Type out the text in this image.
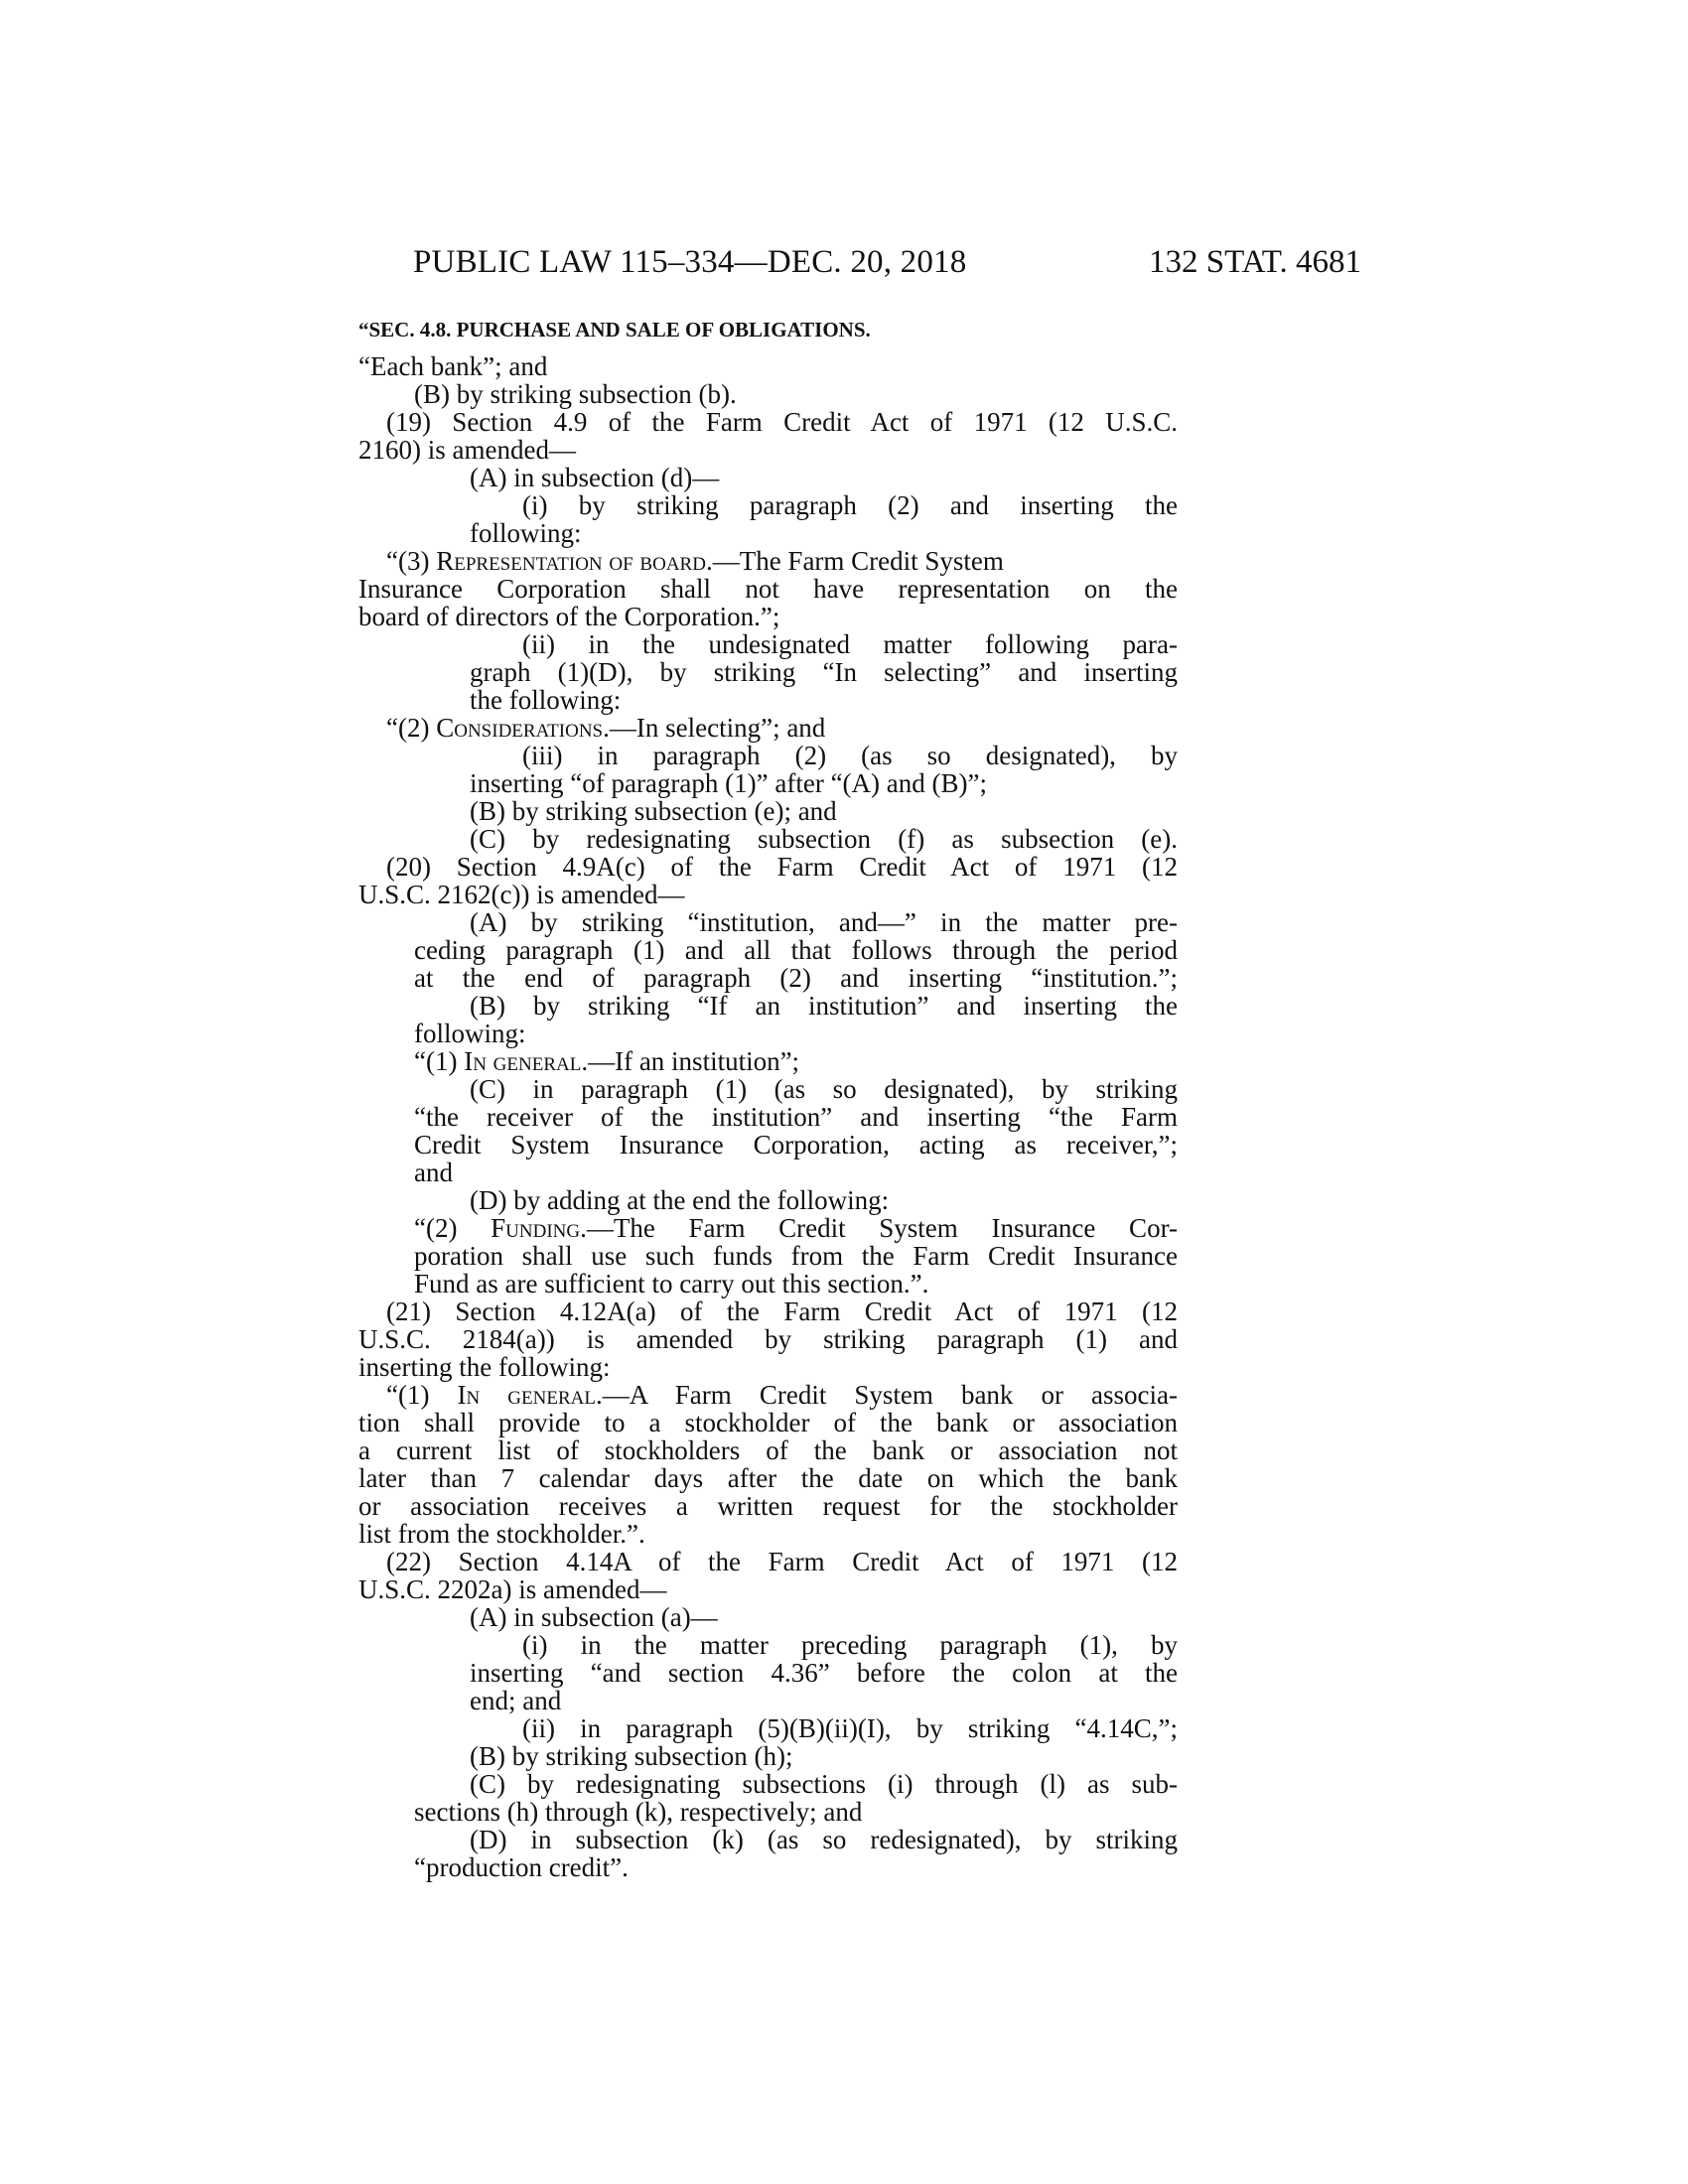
PUBLIC LAW 115–334—DEC. 20, 2018	132 STAT. 4681
“SEC. 4.8. PURCHASE AND SALE OF OBLIGATIONS.
“Each bank”; and
(B) by striking subsection (b).
(19) Section 4.9 of the Farm Credit Act of 1971 (12 U.S.C.
2160) is amended—
(A) in subsection (d)—
(i) by striking paragraph (2) and inserting the
following:
“(3) Representation of board.—The Farm Credit System
Insurance Corporation shall not have representation on the
board of directors of the Corporation.”;
(ii) in the undesignated matter following para-
graph (1)(D), by striking “In selecting” and inserting
the following:
“(2) Considerations.—In selecting”; and
(iii) in paragraph (2) (as so designated), by
inserting “of paragraph (1)” after “(A) and (B)”;
(B) by striking subsection (e); and
(C) by redesignating subsection (f) as subsection (e).
(20) Section 4.9A(c) of the Farm Credit Act of 1971 (12
U.S.C. 2162(c)) is amended—
(A) by striking “institution, and—” in the matter pre-
ceding paragraph (1) and all that follows through the period
at the end of paragraph (2) and inserting “institution.”;
(B) by striking “If an institution” and inserting the
following:
“(1) In general.—If an institution”;
(C) in paragraph (1) (as so designated), by striking
“the receiver of the institution” and inserting “the Farm
Credit System Insurance Corporation, acting as receiver,”;
and
(D) by adding at the end the following:
“(2) Funding.—The Farm Credit System Insurance Cor-
poration shall use such funds from the Farm Credit Insurance
Fund as are sufficient to carry out this section.”.
(21) Section 4.12A(a) of the Farm Credit Act of 1971 (12
U.S.C. 2184(a)) is amended by striking paragraph (1) and
inserting the following:
“(1) In general.—A Farm Credit System bank or associa-
tion shall provide to a stockholder of the bank or association
a current list of stockholders of the bank or association not
later than 7 calendar days after the date on which the bank
or association receives a written request for the stockholder
list from the stockholder.”.
(22) Section 4.14A of the Farm Credit Act of 1971 (12
U.S.C. 2202a) is amended—
(A) in subsection (a)—
(i) in the matter preceding paragraph (1), by
inserting “and section 4.36” before the colon at the
end; and
(ii) in paragraph (5)(B)(ii)(I), by striking “4.14C,”;
(B) by striking subsection (h);
(C) by redesignating subsections (i) through (l) as sub-
sections (h) through (k), respectively; and
(D) in subsection (k) (as so redesignated), by striking
“production credit”.
